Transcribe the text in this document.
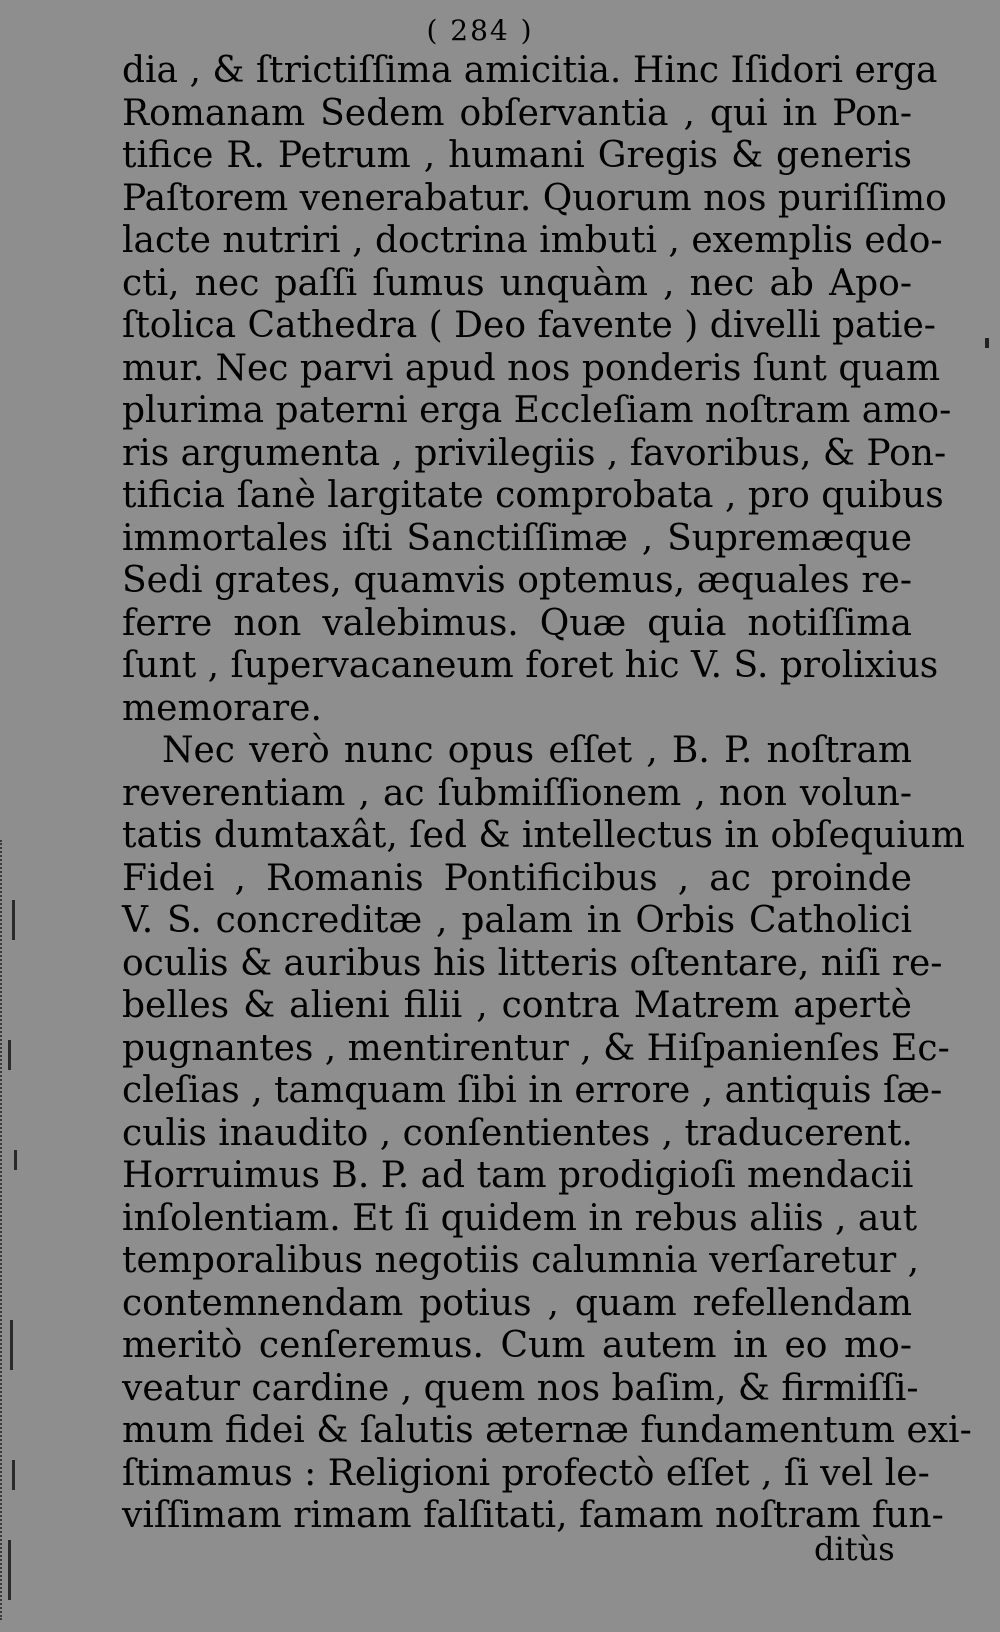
( 284 )
dia , & ſtrictiſſima amicitia. Hinc Iſidori erga
Romanam Sedem obſervantia , qui in Pon-
tifice R. Petrum , humani Gregis & generis
Paſtorem venerabatur. Quorum nos puriſſimo
lacte nutriri , doctrina imbuti , exemplis edo-
cti, nec paſſi ſumus unquàm , nec ab Apo-
ſtolica Cathedra ( Deo favente ) divelli patie-
mur. Nec parvi apud nos ponderis ſunt quam
plurima paterni erga Eccleſiam noſtram amo-
ris argumenta , privilegiis , favoribus, & Pon-
tificia ſanè largitate comprobata , pro quibus
immortales iſti Sanctiſſimæ , Supremæque
Sedi grates, quamvis optemus, æquales re-
ferre non valebimus. Quæ quia notiſſima
ſunt , ſupervacaneum foret hic V. S. prolixius
memorare.
Nec verò nunc opus eſſet , B. P. noſtram
reverentiam , ac ſubmiſſionem , non volun-
tatis dumtaxât, ſed & intellectus in obſequium
Fidei , Romanis Pontificibus , ac proinde
V. S. concreditæ , palam in Orbis Catholici
oculis & auribus his litteris oſtentare, niſi re-
belles & alieni filii , contra Matrem apertè
pugnantes , mentirentur , & Hiſpanienſes Ec-
cleſias , tamquam ſibi in errore , antiquis ſæ-
culis inaudito , conſentientes , traducerent.
Horruimus B. P. ad tam prodigioſi mendacii
inſolentiam. Et ſi quidem in rebus aliis , aut
temporalibus negotiis calumnia verſaretur ,
contemnendam potius , quam refellendam
meritò cenſeremus. Cum autem in eo mo-
veatur cardine , quem nos baſim, & firmiſſi-
mum fidei & ſalutis æternæ fundamentum exi-
ſtimamus : Religioni profectò eſſet , ſi vel le-
viſſimam rimam falſitati, famam noſtram fun-
ditùs
